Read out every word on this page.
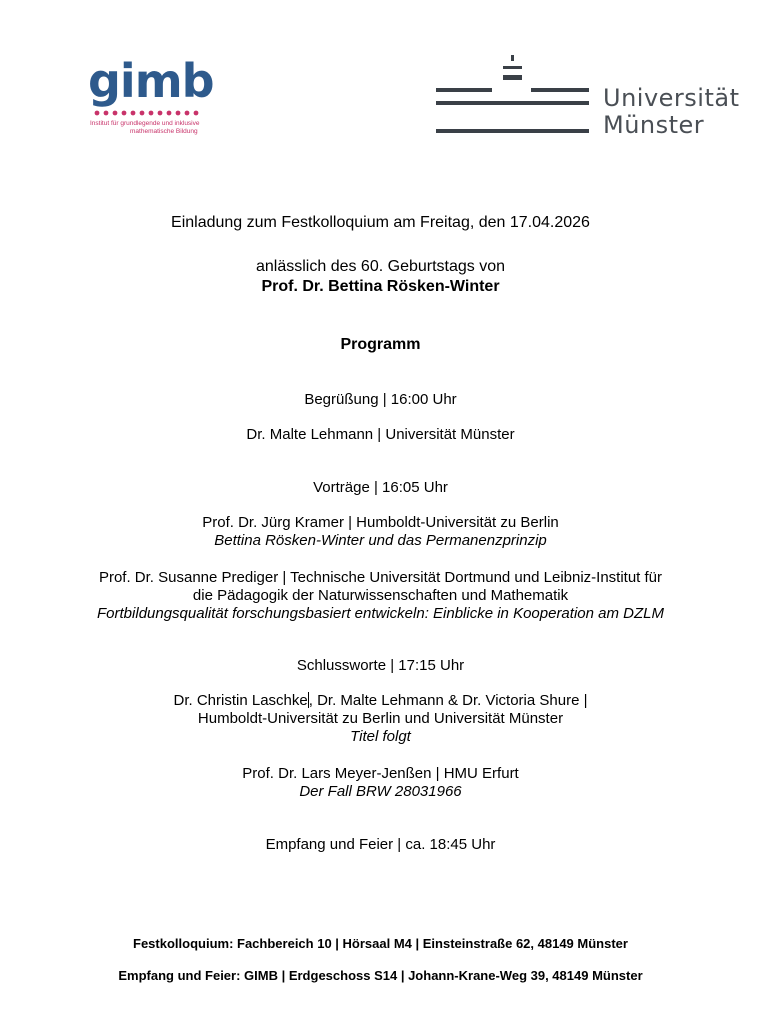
gimb
Institut für grundlegende und inklusive
mathematische Bildung
Universität
Münster
Einladung zum Festkolloquium am Freitag, den 17.04.2026
anlässlich des 60. Geburtstags von
Prof. Dr. Bettina Rösken-Winter
Programm
Begrüßung | 16:00 Uhr
Dr. Malte Lehmann | Universität Münster
Vorträge | 16:05 Uhr
Prof. Dr. Jürg Kramer | Humboldt-Universität zu Berlin
Bettina Rösken-Winter und das Permanenzprinzip
Prof. Dr. Susanne Prediger | Technische Universität Dortmund und Leibniz-Institut für
die Pädagogik der Naturwissenschaften und Mathematik
Fortbildungsqualität forschungsbasiert entwickeln: Einblicke in Kooperation am DZLM
Schlussworte | 17:15 Uhr
Dr. Christin Laschke, Dr. Malte Lehmann & Dr. Victoria Shure |
Humboldt-Universität zu Berlin und Universität Münster
Titel folgt
Prof. Dr. Lars Meyer-Jenßen | HMU Erfurt
Der Fall BRW 28031966
Empfang und Feier | ca. 18:45 Uhr
Festkolloquium: Fachbereich 10 | Hörsaal M4 | Einsteinstraße 62, 48149 Münster
Empfang und Feier: GIMB | Erdgeschoss S14 | Johann-Krane-Weg 39, 48149 Münster
